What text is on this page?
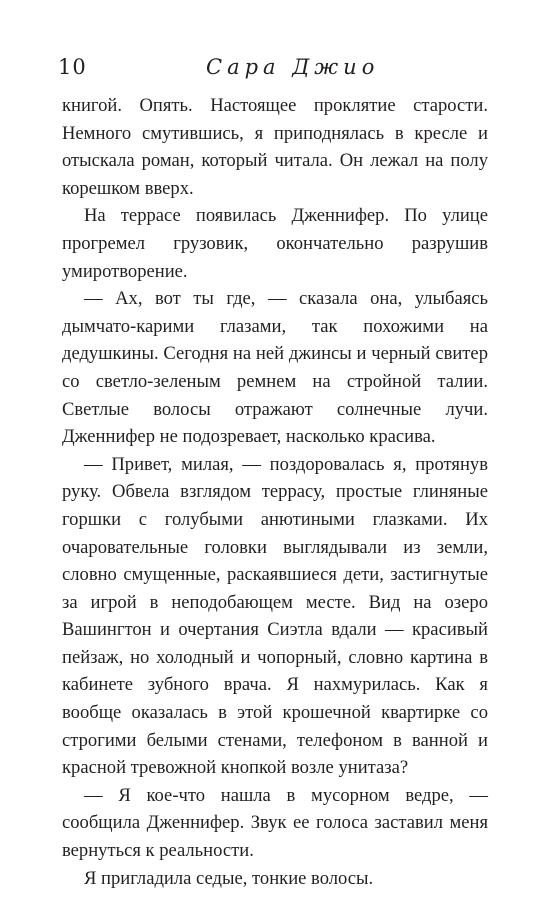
10	Сара Джио

книгой. Опять. Настоящее проклятие старости. Немного смутившись, я приподнялась в кресле и отыскала роман, который читала. Он лежал на полу корешком вверх.

На террасе появилась Дженнифер. По улице прогремел грузовик, окончательно разрушив умиротворение.

— Ах, вот ты где, — сказала она, улыбаясь дымчато-карими глазами, так похожими на дедушкины. Сегодня на ней джинсы и черный свитер со светло-зеленым ремнем на стройной талии. Светлые волосы отражают солнечные лучи. Дженнифер не подозревает, насколько красива.

— Привет, милая, — поздоровалась я, протянув руку. Обвела взглядом террасу, простые глиняные горшки с голубыми анютиными глазками. Их очаровательные головки выглядывали из земли, словно смущенные, раскаявшиеся дети, застигнутые за игрой в неподобающем месте. Вид на озеро Вашингтон и очертания Сиэтла вдали — красивый пейзаж, но холодный и чопорный, словно картина в кабинете зубного врача. Я нахмурилась. Как я вообще оказалась в этой крошечной квартирке со строгими белыми стенами, телефоном в ванной и красной тревожной кнопкой возле унитаза?

— Я кое-что нашла в мусорном ведре, — сообщила Дженнифер. Звук ее голоса заставил меня вернуться к реальности.

Я пригладила седые, тонкие волосы.
